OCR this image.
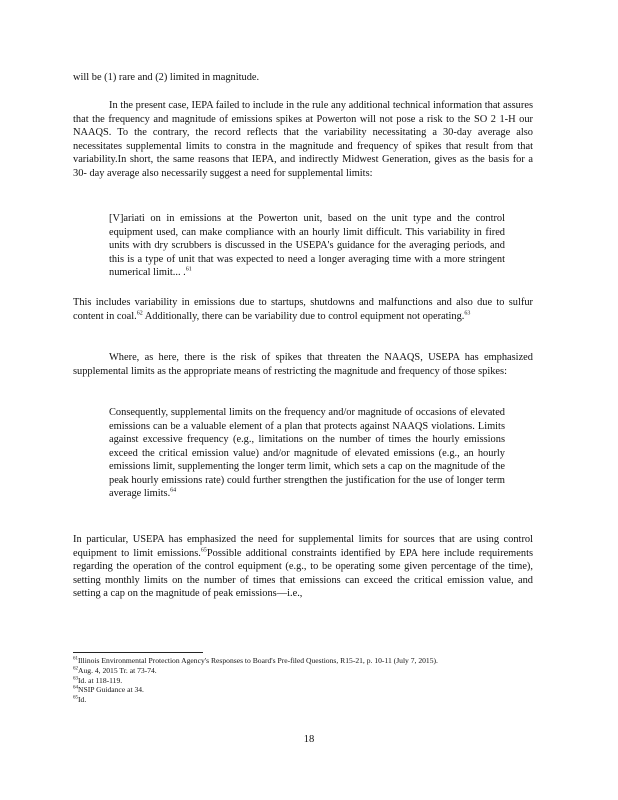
will be (1) rare and (2) limited in magnitude.

In the present case, IEPA failed to include in the rule any additional technical information that assures that the frequency and magnitude of emissions spikes at Powerton will not pose a risk to the SO 2 1-H our NAAQS. To the contrary, the record reflects that the variability necessitating a 30-day average also necessitates supplemental limits to constra in the magnitude and frequency of spikes that result from that variability.In short, the same reasons that IEPA, and indirectly Midwest Generation, gives as the basis for a 30- day average also necessarily suggest a need for supplemental limits:

[V]ariati on in emissions at the Powerton unit, based on the unit type and the control equipment used, can make compliance with an hourly limit difficult. This variability in fired units with dry scrubbers is discussed in the USEPA's guidance for the averaging periods, and this is a type of unit that was expected to need a longer averaging time with a more stringent numerical limit... .$^{61}$

This includes variability in emissions due to startups, shutdowns and malfunctions and also due to sulfur content in coal.$^{62}$ Additionally, there can be variability due to control equipment not operating.$^{63}$

Where, as here, there is the risk of spikes that threaten the NAAQS, USEPA has emphasized supplemental limits as the appropriate means of restricting the magnitude and frequency of those spikes:

Consequently, supplemental limits on the frequency and/or magnitude of occasions of elevated emissions can be a valuable element of a plan that protects against NAAQS violations. Limits against excessive frequency (e.g., limitations on the number of times the hourly emissions exceed the critical emission value) and/or magnitude of elevated emissions (e.g., an hourly emissions limit, supplementing the longer term limit, which sets a cap on the magnitude of the peak hourly emissions rate) could further strengthen the justification for the use of longer term average limits.$^{64}$

In particular, USEPA has emphasized the need for supplemental limits for sources that are using control equipment to limit emissions.$^{65}$Possible additional constraints identified by EPA here include requirements regarding the operation of the control equipment (e.g., to be operating some given percentage of the time), setting monthly limits on the number of times that emissions can exceed the critical emission value, and setting a cap on the magnitude of peak emissions—i.e.,

$^{61}$Illinois Environmental Protection Agency's Responses to Board's Pre-filed Questions, R15-21, p. 10-11 (July 7, 2015).

$^{62}$Aug. 4, 2015 Tr. at 73-74.

$^{63}$Id. at 118-119.

$^{64}$NSIP Guidance at 34.

$^{65}$Id.

18
